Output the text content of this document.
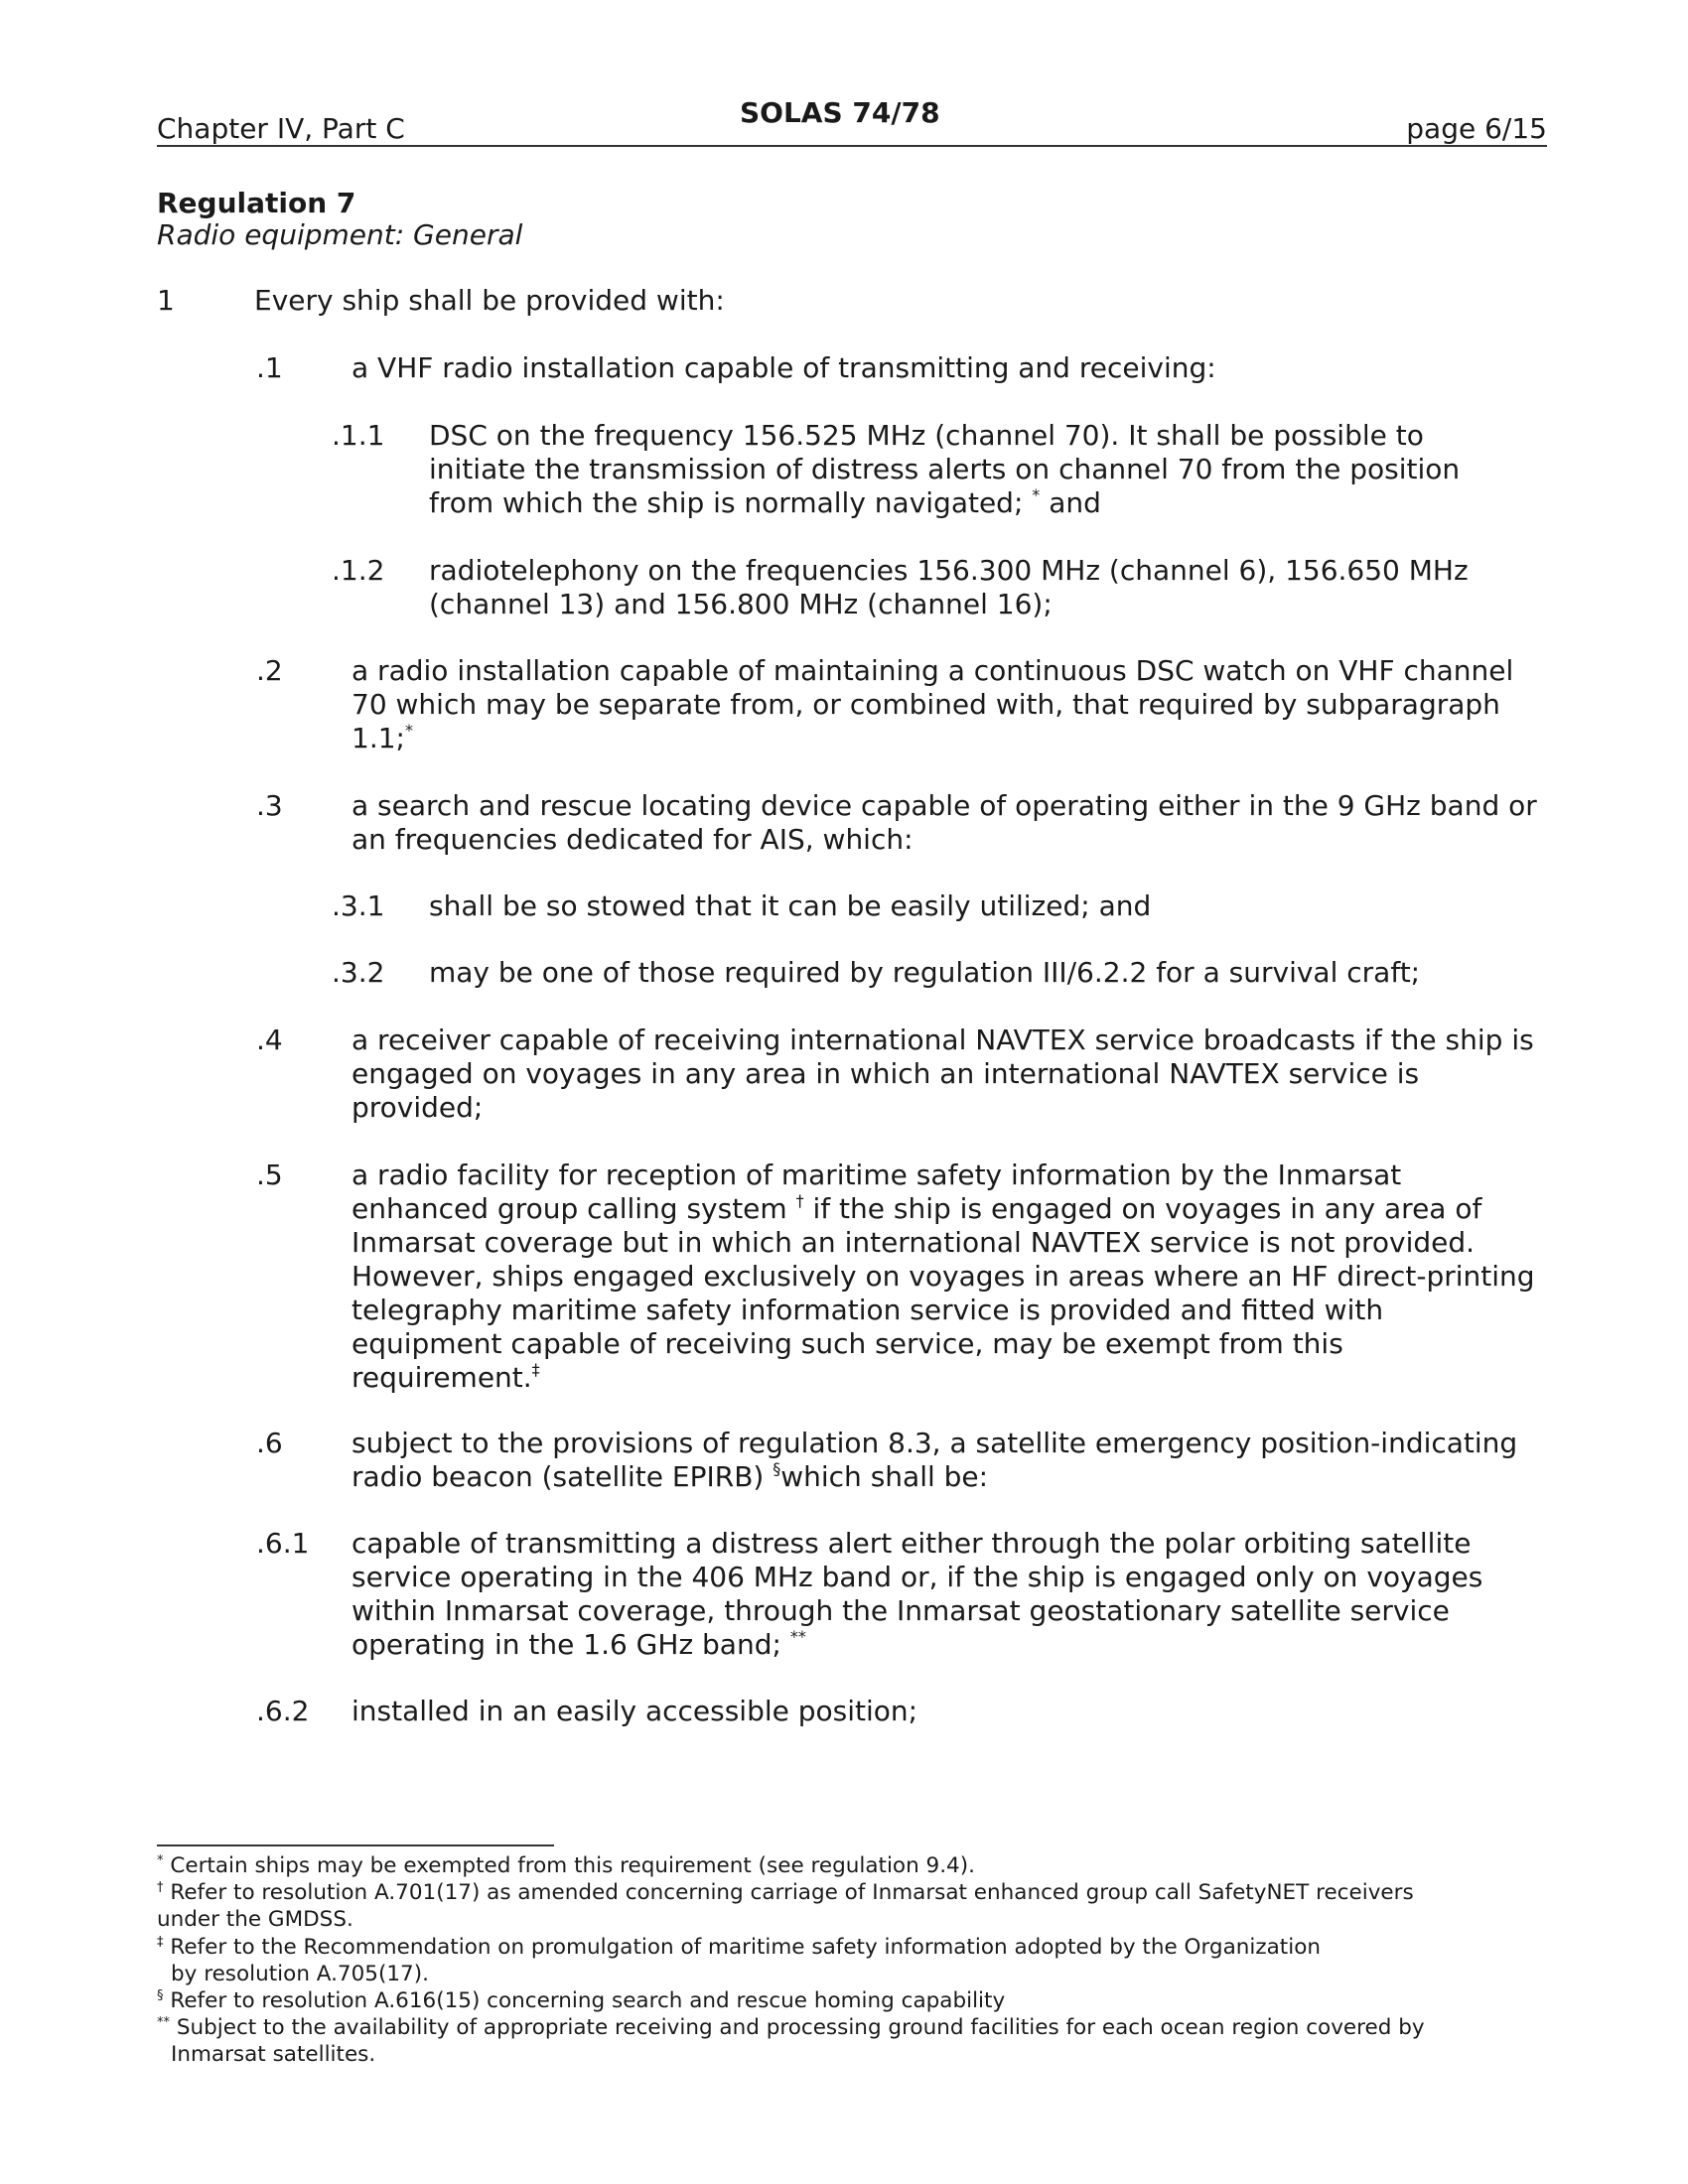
Chapter IV, Part C	SOLAS 74/78	page 6/15
Regulation 7
Radio equipment: General
1	Every ship shall be provided with:
.1 a VHF radio installation capable of transmitting and receiving:
.1.1 DSC on the frequency 156.525 MHz (channel 70). It shall be possible to
initiate the transmission of distress alerts on channel 70 from the position
from which the ship is normally navigated; * and
.1.2 radiotelephony on the frequencies 156.300 MHz (channel 6), 156.650 MHz
(channel 13) and 156.800 MHz (channel 16);
.2 a radio installation capable of maintaining a continuous DSC watch on VHF channel
70 which may be separate from, or combined with, that required by subparagraph
1.1;*
.3 a search and rescue locating device capable of operating either in the 9 GHz band or
an frequencies dedicated for AIS, which:
.3.1 shall be so stowed that it can be easily utilized; and
.3.2 may be one of those required by regulation III/6.2.2 for a survival craft;
.4 a receiver capable of receiving international NAVTEX service broadcasts if the ship is
engaged on voyages in any area in which an international NAVTEX service is
provided;
.5 a radio facility for reception of maritime safety information by the Inmarsat
enhanced group calling system † if the ship is engaged on voyages in any area of
Inmarsat coverage but in which an international NAVTEX service is not provided.
However, ships engaged exclusively on voyages in areas where an HF direct-printing
telegraphy maritime safety information service is provided and fitted with
equipment capable of receiving such service, may be exempt from this
requirement.‡
.6 subject to the provisions of regulation 8.3, a satellite emergency position-indicating
radio beacon (satellite EPIRB) §which shall be:
.6.1 capable of transmitting a distress alert either through the polar orbiting satellite
service operating in the 406 MHz band or, if the ship is engaged only on voyages
within Inmarsat coverage, through the Inmarsat geostationary satellite service
operating in the 1.6 GHz band; **
.6.2 installed in an easily accessible position;
* Certain ships may be exempted from this requirement (see regulation 9.4).
† Refer to resolution A.701(17) as amended concerning carriage of Inmarsat enhanced group call SafetyNET receivers
under the GMDSS.
‡ Refer to the Recommendation on promulgation of maritime safety information adopted by the Organization
by resolution A.705(17).
§ Refer to resolution A.616(15) concerning search and rescue homing capability
** Subject to the availability of appropriate receiving and processing ground facilities for each ocean region covered by
Inmarsat satellites.
